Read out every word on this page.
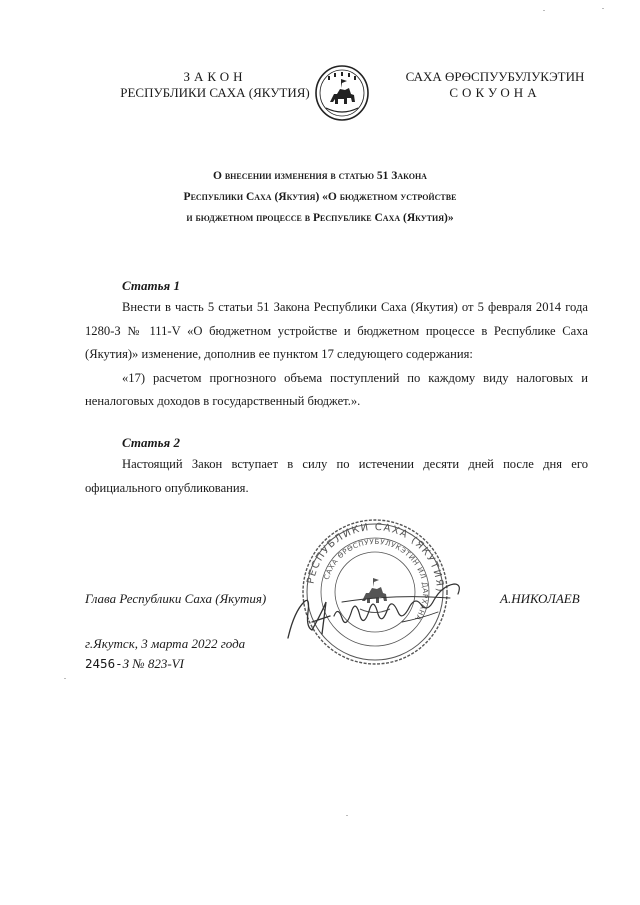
ЗАКОН
РЕСПУБЛИКИ САХА (ЯКУТИЯ)
САХА ӨРӨСПУУБУЛУКЭТИН
СОКУОНА
О внесении изменения в статью 51 Закона
Республики Саха (Якутия) «О бюджетном устройстве
и бюджетном процессе в Республике Саха (Якутия)»
Статья 1

Внести в часть 5 статьи 51 Закона Республики Саха (Якутия) от 5 февраля 2014 года 1280-З № 111-V «О бюджетном устройстве и бюджетном процессе в Республике Саха (Якутия)» изменение, дополнив ее пунктом 17 следующего содержания:

«17) расчетом прогнозного объема поступлений по каждому виду налоговых и неналоговых доходов в государственный бюджет.».

Статья 2

Настоящий Закон вступает в силу по истечении десяти дней после дня его официального опубликования.

РЕСПУБЛИКИ САХА (ЯКУТИЯ)
САХА ӨРӨСПУУБУЛУКЭТИН ИЛ ДАРХАНА
Глава Республики Саха (Якутия)	А.НИКОЛАЕВ
г.Якутск, 3 марта 2022 года
2456-З № 823-VI
